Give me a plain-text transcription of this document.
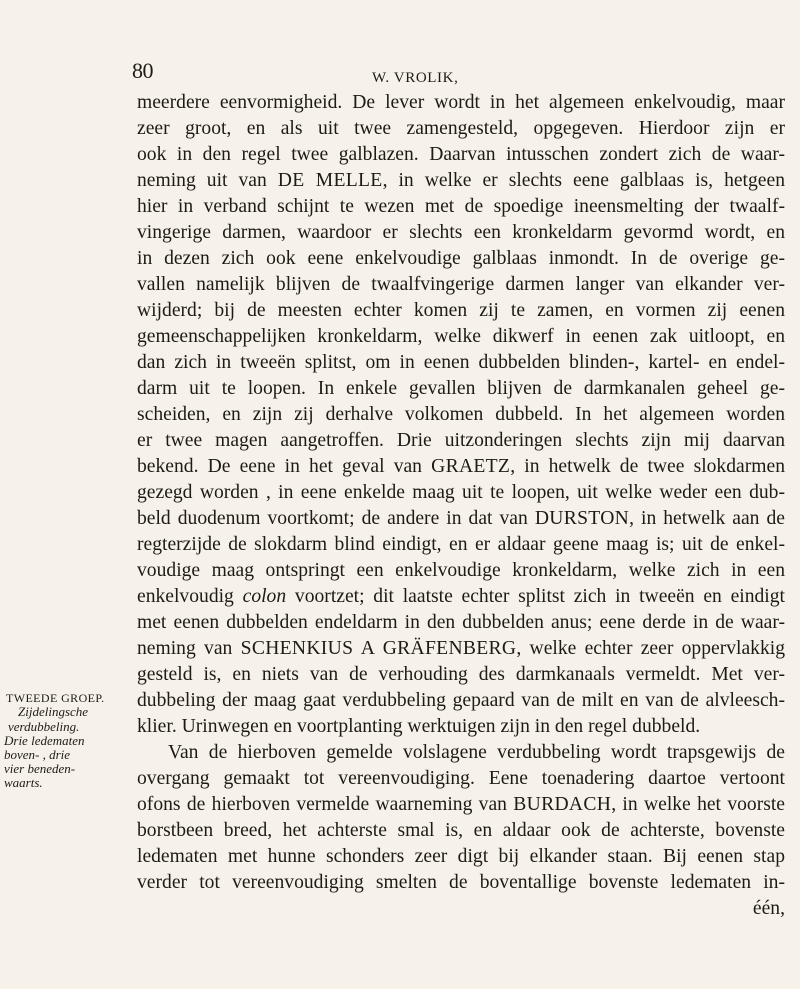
80	W. VROLIK,
TWEEDE GROEP.
Zijdelingsche
verdubbeling.
Drie ledematen
boven- , drie
vier beneden-
waarts.
meerdere eenvormigheid. De lever wordt in het algemeen enkelvoudig, maar
zeer groot, en als uit twee zamengesteld, opgegeven. Hierdoor zijn er
ook in den regel twee galblazen. Daarvan intusschen zondert zich de waar-
neming uit van DE MELLE, in welke er slechts eene galblaas is, hetgeen
hier in verband schijnt te wezen met de spoedige ineensmelting der twaalf-
vingerige darmen, waardoor er slechts een kronkeldarm gevormd wordt, en
in dezen zich ook eene enkelvoudige galblaas inmondt. In de overige ge-
vallen namelijk blijven de twaalfvingerige darmen langer van elkander ver-
wijderd; bij de meesten echter komen zij te zamen, en vormen zij eenen
gemeenschappelijken kronkeldarm, welke dikwerf in eenen zak uitloopt, en
dan zich in tweeën splitst, om in eenen dubbelden blinden-, kartel- en endel-
darm uit te loopen. In enkele gevallen blijven de darmkanalen geheel ge-
scheiden, en zijn zij derhalve volkomen dubbeld. In het algemeen worden
er twee magen aangetroffen. Drie uitzonderingen slechts zijn mij daarvan
bekend. De eene in het geval van GRAETZ, in hetwelk de twee slokdarmen
gezegd worden , in eene enkelde maag uit te loopen, uit welke weder een dub-
beld duodenum voortkomt; de andere in dat van DURSTON, in hetwelk aan de
regterzijde de slokdarm blind eindigt, en er aldaar geene maag is; uit de enkel-
voudige maag ontspringt een enkelvoudige kronkeldarm, welke zich in een
enkelvoudig colon voortzet; dit laatste echter splitst zich in tweeën en eindigt
met eenen dubbelden endeldarm in den dubbelden anus; eene derde in de waar-
neming van SCHENKIUS A GRÄFENBERG, welke echter zeer oppervlakkig
gesteld is, en niets van de verhouding des darmkanaals vermeldt. Met ver-
dubbeling der maag gaat verdubbeling gepaard van de milt en van de alvleesch-
klier. Urinwegen en voortplanting werktuigen zijn in den regel dubbeld.
Van de hierboven gemelde volslagene verdubbeling wordt trapsgewijs de
overgang gemaakt tot vereenvoudiging. Eene toenadering daartoe vertoont
ofons de hierboven vermelde waarneming van BURDACH, in welke het voorste
borstbeen breed, het achterste smal is, en aldaar ook de achterste, bovenste
ledematen met hunne schonders zeer digt bij elkander staan. Bij eenen stap
verder tot vereenvoudiging smelten de boventallige bovenste ledematen in-
één,
